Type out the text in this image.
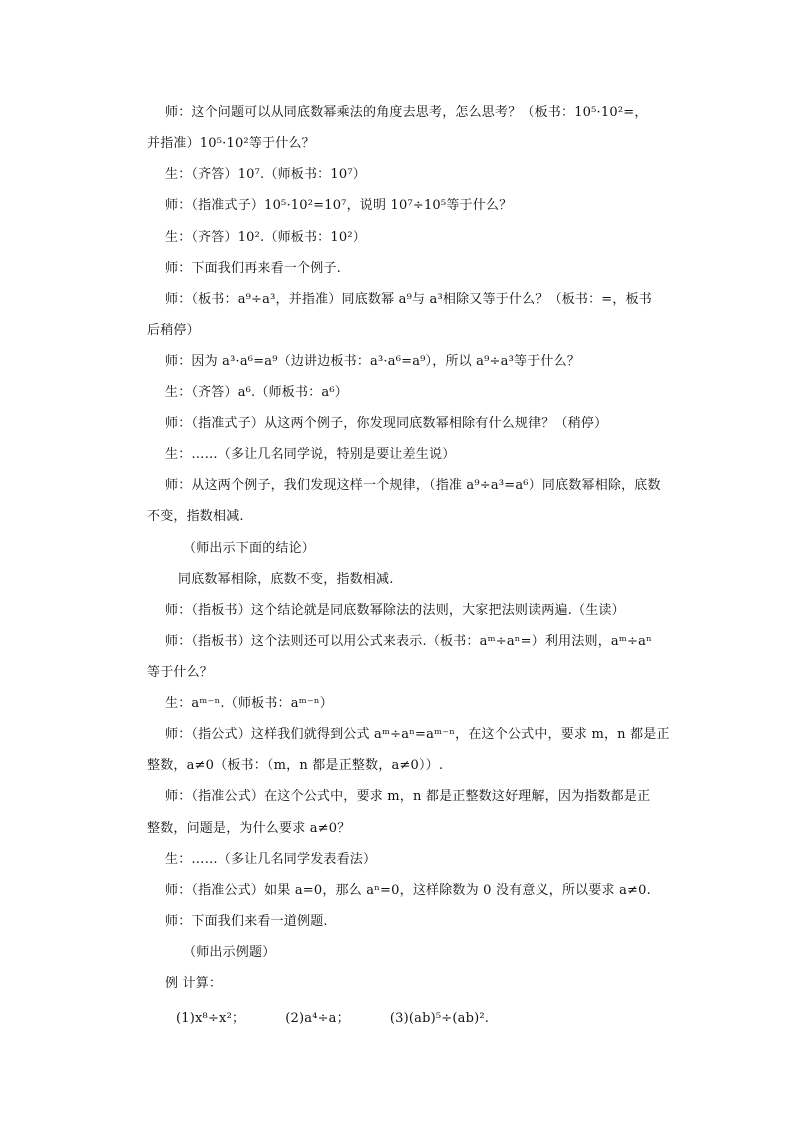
师：这个问题可以从同底数幂乘法的角度去思考，怎么思考？（板书：10⁵·10²=，
并指准）10⁵·10²等于什么？
生：（齐答）10⁷.（师板书：10⁷）
师：（指准式子）10⁵·10²=10⁷，说明 10⁷÷10⁵等于什么？
生：（齐答）10².（师板书：10²）
师：下面我们再来看一个例子.
师：（板书：a⁹÷a³，并指准）同底数幂 a⁹与 a³相除又等于什么？（板书：=，板书
后稍停）
师：因为 a³·a⁶=a⁹（边讲边板书：a³·a⁶=a⁹），所以 a⁹÷a³等于什么？
生：（齐答）a⁶.（师板书：a⁶）
师：（指准式子）从这两个例子，你发现同底数幂相除有什么规律？（稍停）
生：……（多让几名同学说，特别是要让差生说）
师：从这两个例子，我们发现这样一个规律，（指准 a⁹÷a³=a⁶）同底数幂相除，底数
不变，指数相减.
（师出示下面的结论）
同底数幂相除，底数不变，指数相减.
师：（指板书）这个结论就是同底数幂除法的法则，大家把法则读两遍.（生读）
师：（指板书）这个法则还可以用公式来表示.（板书：aᵐ÷aⁿ=）利用法则，aᵐ÷aⁿ
等于什么？
生：aᵐ⁻ⁿ.（师板书：aᵐ⁻ⁿ）
师：（指公式）这样我们就得到公式 aᵐ÷aⁿ=aᵐ⁻ⁿ，在这个公式中，要求 m，n 都是正
整数，a≠0（板书：（m，n 都是正整数，a≠0））.
师：（指准公式）在这个公式中，要求 m，n 都是正整数这好理解，因为指数都是正
整数，问题是，为什么要求 a≠0？
生：……（多让几名同学发表看法）
师：（指准公式）如果 a=0，那么 aⁿ=0，这样除数为 0 没有意义，所以要求 a≠0.
师：下面我们来看一道例题.
（师出示例题）
例 计算：
(1)x⁸÷x²；	(2)a⁴÷a；	(3)(ab)⁵÷(ab)².
